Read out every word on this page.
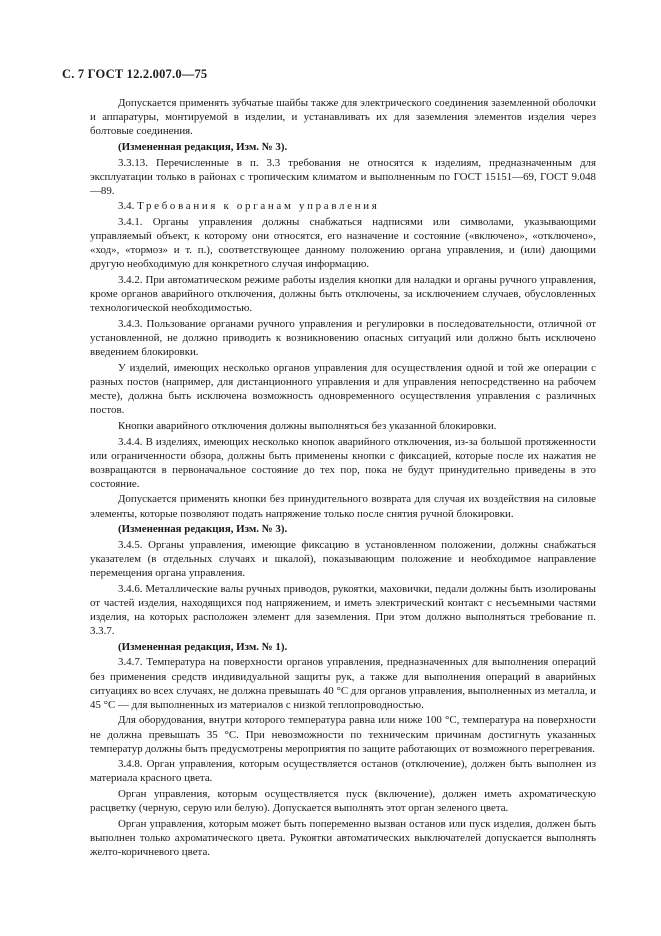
С. 7 ГОСТ 12.2.007.0—75

Допускается применять зубчатые шайбы также для электрического соединения заземленной оболочки и аппаратуры, монтируемой в изделии, и устанавливать их для заземления элементов изделия через болтовые соединения.

(Измененная редакция, Изм. № 3).

3.3.13. Перечисленные в п. 3.3 требования не относятся к изделиям, предназначенным для эксплуатации только в районах с тропическим климатом и выполненным по ГОСТ 15151—69, ГОСТ 9.048—89.

3.4. Требования к органам управления

3.4.1. Органы управления должны снабжаться надписями или символами, указывающими управляемый объект, к которому они относятся, его назначение и состояние («включено», «отключено», «ход», «тормоз» и т. п.), соответствующее данному положению органа управления, и (или) дающими другую необходимую для конкретного случая информацию.

3.4.2. При автоматическом режиме работы изделия кнопки для наладки и органы ручного управления, кроме органов аварийного отключения, должны быть отключены, за исключением случаев, обусловленных технологической необходимостью.

3.4.3. Пользование органами ручного управления и регулировки в последовательности, отличной от установленной, не должно приводить к возникновению опасных ситуаций или должно быть исключено введением блокировки.

У изделий, имеющих несколько органов управления для осуществления одной и той же операции с разных постов (например, для дистанционного управления и для управления непосредственно на рабочем месте), должна быть исключена возможность одновременного осуществления управления с различных постов.

Кнопки аварийного отключения должны выполняться без указанной блокировки.

3.4.4. В изделиях, имеющих несколько кнопок аварийного отключения, из-за большой протяженности или ограниченности обзора, должны быть применены кнопки с фиксацией, которые после их нажатия не возвращаются в первоначальное состояние до тех пор, пока не будут принудительно приведены в это состояние.

Допускается применять кнопки без принудительного возврата для случая их воздействия на силовые элементы, которые позволяют подать напряжение только после снятия ручной блокировки.

(Измененная редакция, Изм. № 3).

3.4.5. Органы управления, имеющие фиксацию в установленном положении, должны снабжаться указателем (в отдельных случаях и шкалой), показывающим положение и необходимое направление перемещения органа управления.

3.4.6. Металлические валы ручных приводов, рукоятки, маховички, педали должны быть изолированы от частей изделия, находящихся под напряжением, и иметь электрический контакт с несъемными частями изделия, на которых расположен элемент для заземления. При этом должно выполняться требование п. 3.3.7.

(Измененная редакция, Изм. № 1).

3.4.7. Температура на поверхности органов управления, предназначенных для выполнения операций без применения средств индивидуальной защиты рук, а также для выполнения операций в аварийных ситуациях во всех случаях, не должна превышать 40 °С для органов управления, выполненных из металла, и 45 °С — для выполненных из материалов с низкой теплопроводностью.

Для оборудования, внутри которого температура равна или ниже 100 °С, температура на поверхности не должна превышать 35 °С. При невозможности по техническим причинам достигнуть указанных температур должны быть предусмотрены мероприятия по защите работающих от возможного перегревания.

3.4.8. Орган управления, которым осуществляется останов (отключение), должен быть выполнен из материала красного цвета.

Орган управления, которым осуществляется пуск (включение), должен иметь ахроматическую расцветку (черную, серую или белую). Допускается выполнять этот орган зеленого цвета.

Орган управления, которым может быть попеременно вызван останов или пуск изделия, должен быть выполнен только ахроматического цвета. Рукоятки автоматических выключателей допускается выполнять желто-коричневого цвета.
